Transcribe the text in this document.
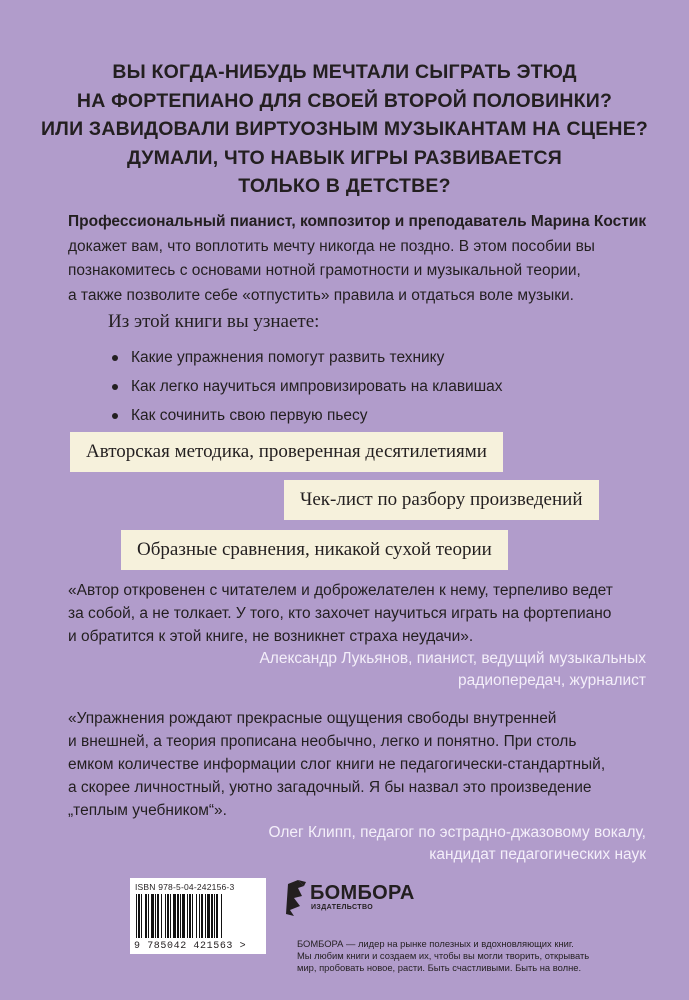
ВЫ КОГДА-НИБУДЬ МЕЧТАЛИ СЫГРАТЬ ЭТЮД
НА ФОРТЕПИАНО ДЛЯ СВОЕЙ ВТОРОЙ ПОЛОВИНКИ?
ИЛИ ЗАВИДОВАЛИ ВИРТУОЗНЫМ МУЗЫКАНТАМ НА СЦЕНЕ?
ДУМАЛИ, ЧТО НАВЫК ИГРЫ РАЗВИВАЕТСЯ
ТОЛЬКО В ДЕТСТВЕ?
Профессиональный пианист, композитор и преподаватель Марина Костик
докажет вам, что воплотить мечту никогда не поздно. В этом пособии вы
познакомитесь с основами нотной грамотности и музыкальной теории,
а также позволите себе «отпустить» правила и отдаться воле музыки.
Из этой книги вы узнаете:
Какие упражнения помогут развить технику
Как легко научиться импровизировать на клавишах
Как сочинить свою первую пьесу
Авторская методика, проверенная десятилетиями
Чек-лист по разбору произведений
Образные сравнения, никакой сухой теории
«Автор откровенен с читателем и доброжелателен к нему, терпеливо ведет
за собой, а не толкает. У того, кто захочет научиться играть на фортепиано
и обратится к этой книге, не возникнет страха неудачи».
Александр Лукьянов, пианист, ведущий музыкальных
радиопередач, журналист
«Упражнения рождают прекрасные ощущения свободы внутренней
и внешней, а теория прописана необычно, легко и понятно. При столь
емком количестве информации слог книги не педагогически-стандартный,
а скорее личностный, уютно загадочный. Я бы назвал это произведение
„теплым учебником“».
Олег Клипп, педагог по эстрадно-джазовому вокалу,
кандидат педагогических наук
ISBN 978-5-04-242156-3
9 785042 421563 >
БОМБОРА
ИЗДАТЕЛЬСТВО
БОМБОРА — лидер на рынке полезных и вдохновляющих книг.
Мы любим книги и создаем их, чтобы вы могли творить, открывать
мир, пробовать новое, расти. Быть счастливыми. Быть на волне.
